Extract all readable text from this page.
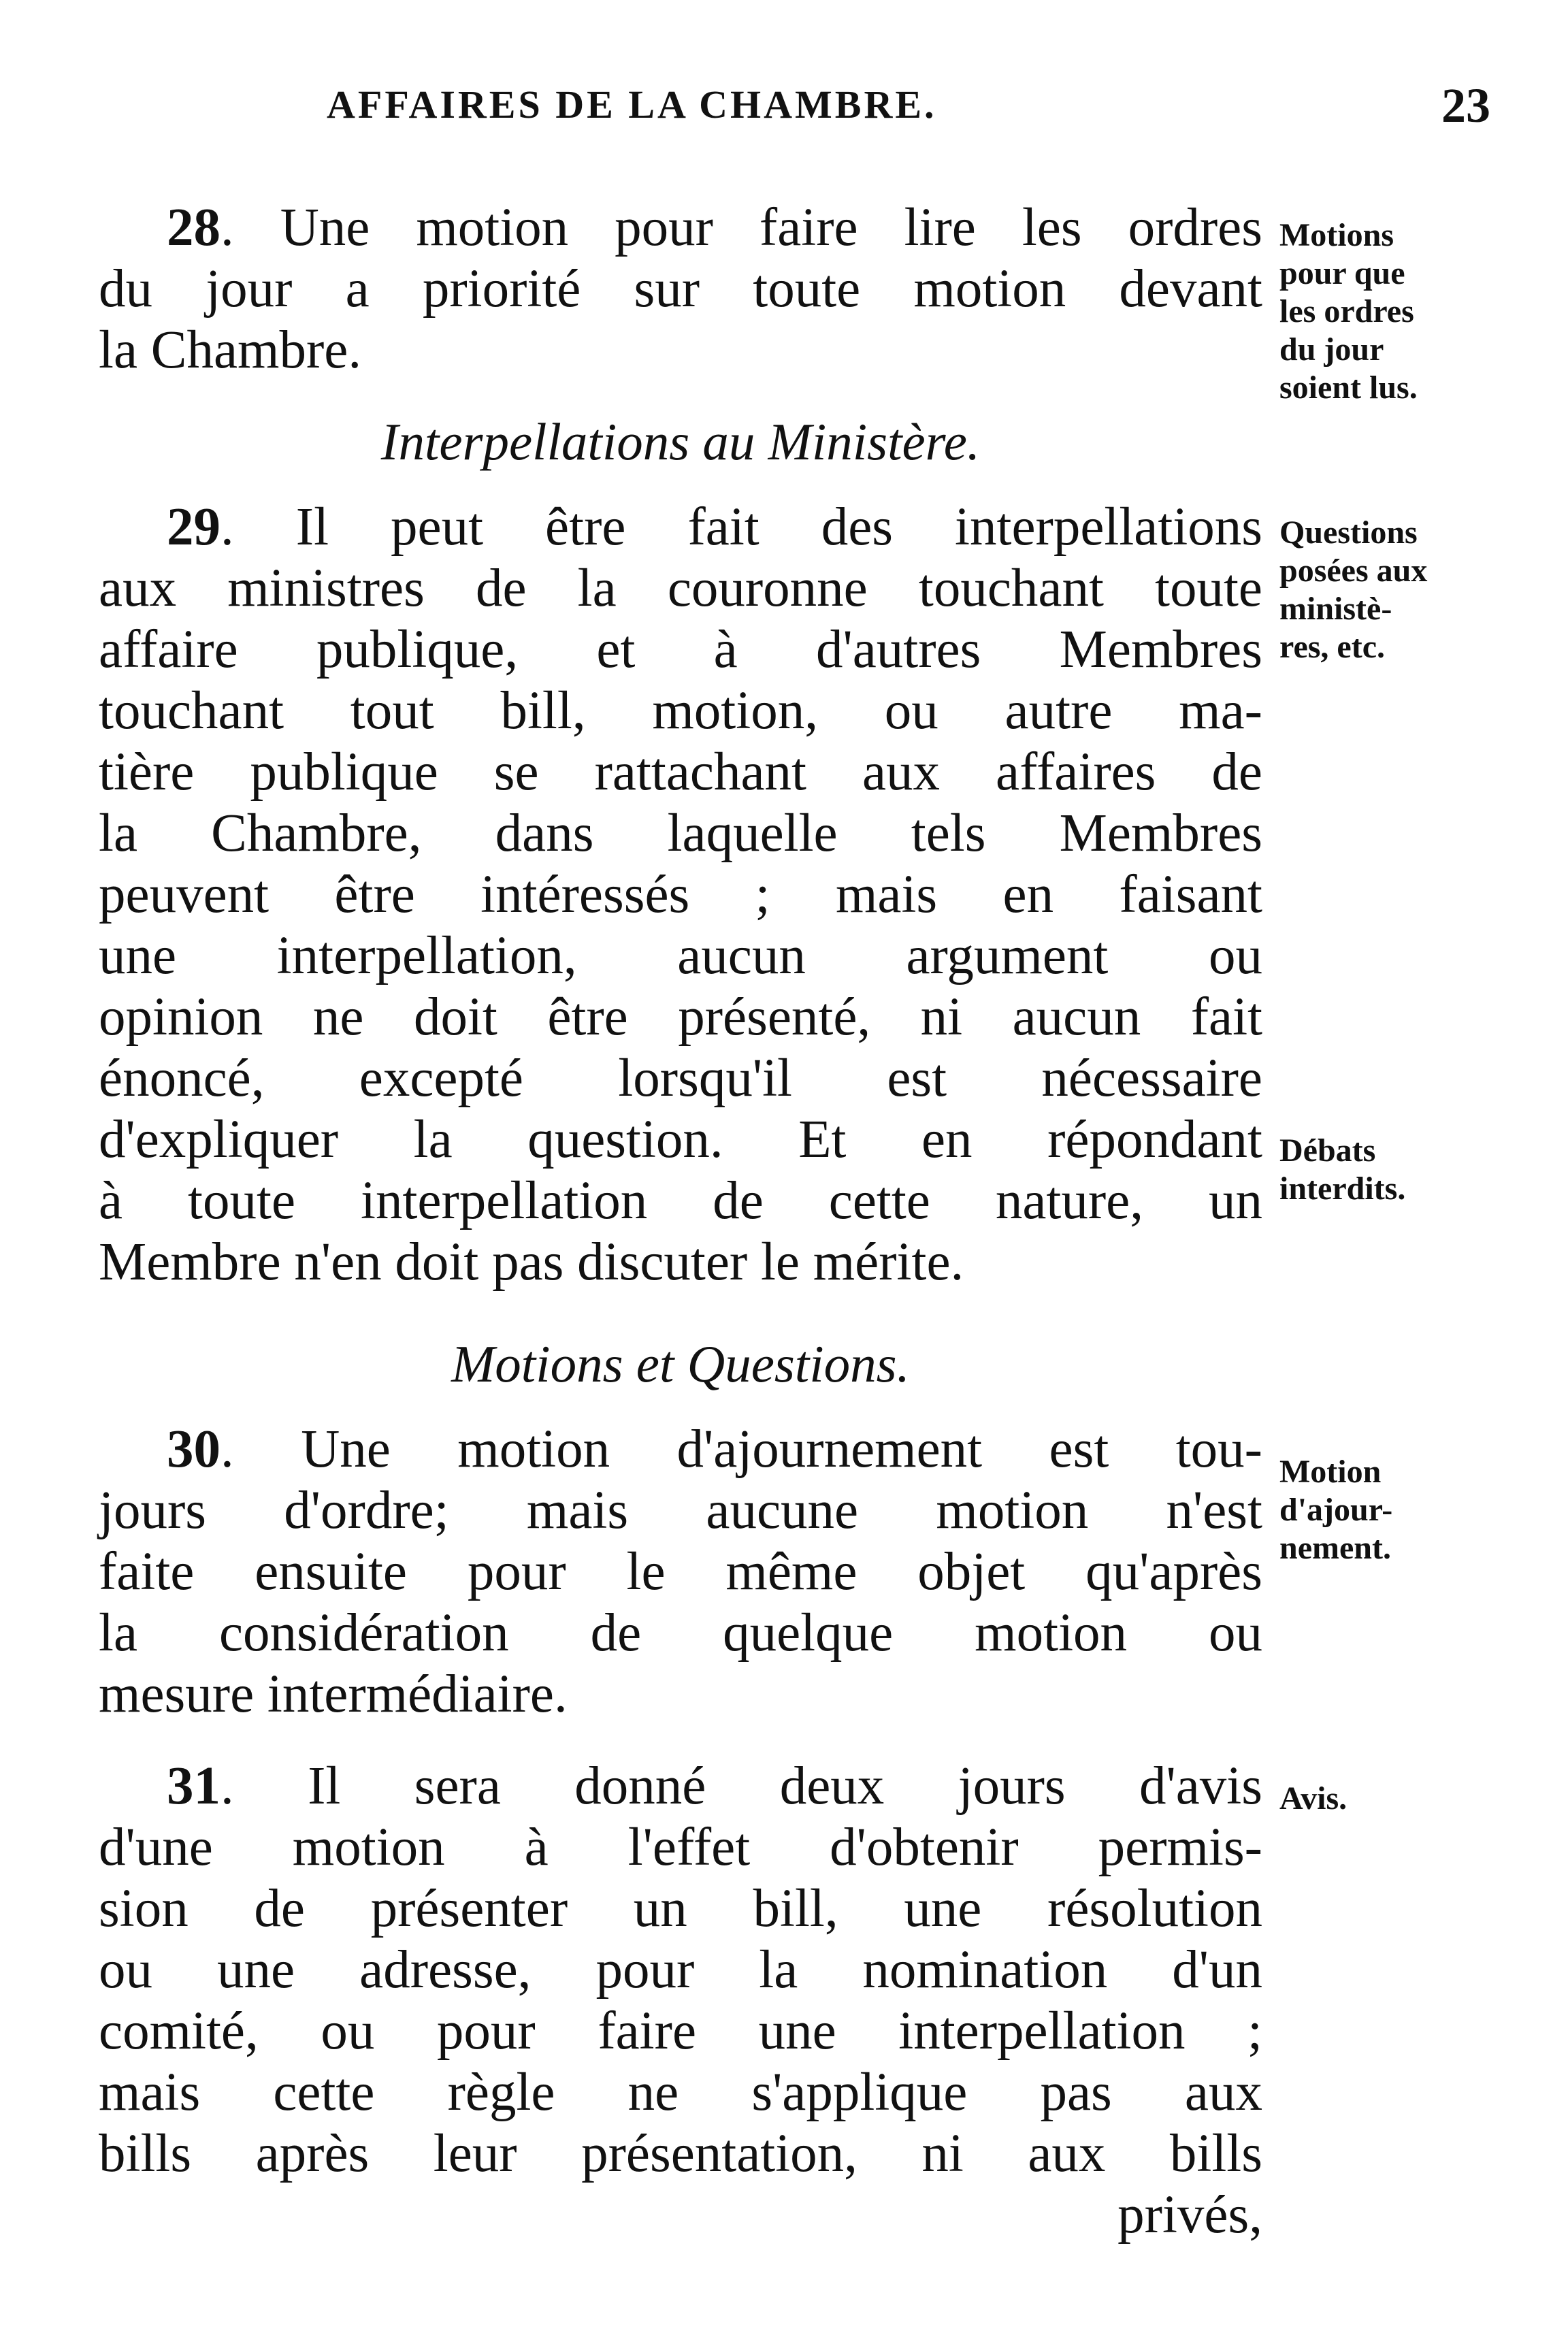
AFFAIRES DE LA CHAMBRE.	23
28. Une motion pour faire lire les ordres
du jour a priorité sur toute motion devant
la Chambre.
Motions
pour que
les ordres
du jour
soient lus.
Interpellations au Ministère.
29. Il peut être fait des interpellations
aux ministres de la couronne touchant toute
affaire publique, et à d'autres Membres
touchant tout bill, motion, ou autre ma-
tière publique se rattachant aux affaires de
la Chambre, dans laquelle tels Membres
peuvent être intéressés ; mais en faisant
une interpellation, aucun argument ou
opinion ne doit être présenté, ni aucun fait
énoncé, excepté lorsqu'il est nécessaire
d'expliquer la question. Et en répondant
à toute interpellation de cette nature, un
Membre n'en doit pas discuter le mérite.
Questions
posées aux
ministè-
res, etc.
Débats
interdits.
Motions et Questions.
30. Une motion d'ajournement est tou-
jours d'ordre; mais aucune motion n'est
faite ensuite pour le même objet qu'après
la considération de quelque motion ou
mesure intermédiaire.
Motion
d'ajour-
nement.
31. Il sera donné deux jours d'avis
d'une motion à l'effet d'obtenir permis-
sion de présenter un bill, une résolution
ou une adresse, pour la nomination d'un
comité, ou pour faire une interpellation ;
mais cette règle ne s'applique pas aux
bills après leur présentation, ni aux bills
privés,
Avis.
